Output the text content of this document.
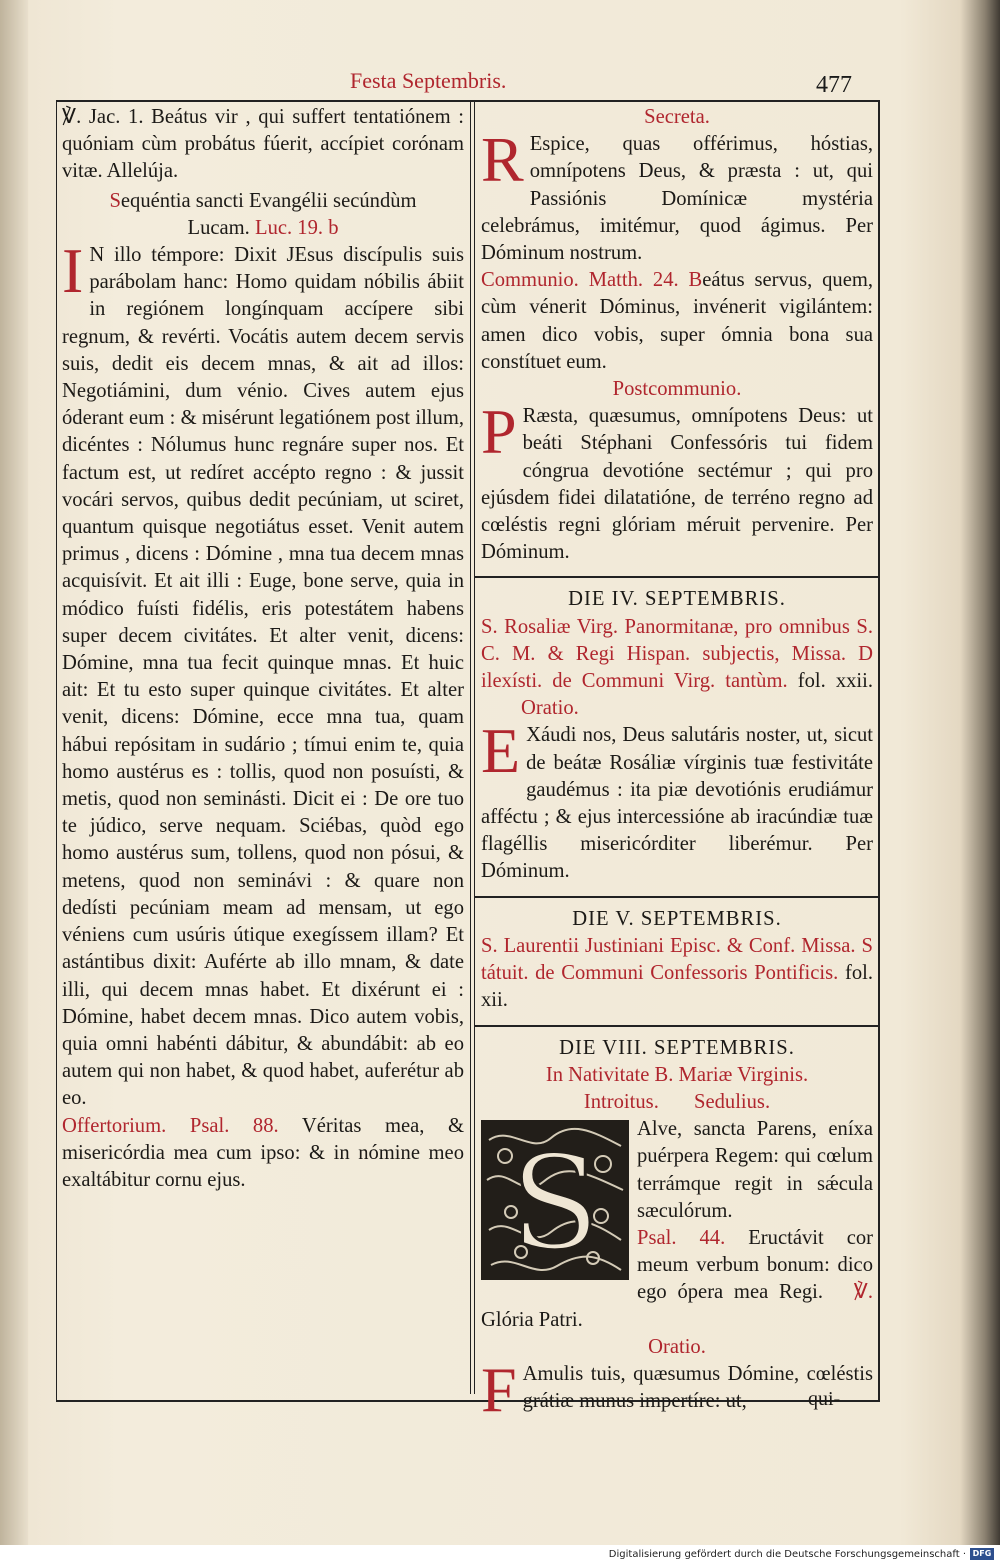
Festa Septembris.	477

℣. Jac. 1. Beátus vir , qui suffert tentatiónem : quóniam cùm probátus fúerit, accípiet corónam vitæ. Allelúja.

Sequéntia sancti Evangélii secúndùm
Lucam. Luc. 19. b

I N illo témpore: Dixit JEsus discípulis suis parábolam hanc: Homo quidam nóbilis ábiit in regiónem longínquam accípere sibi regnum, & revérti. Vocátis autem decem servis suis, dedit eis decem mnas, & ait ad illos: Negotiámini, dum vénio. Cives autem ejus óderant eum : & misérunt legatiónem post illum, dicéntes : Nólumus hunc regnáre super nos. Et factum est, ut redíret accépto regno : & jussit vocári servos, quibus dedit pecúniam, ut sciret, quantum quisque negotiátus esset. Venit autem primus , dicens : Dómine , mna tua decem mnas acquisívit. Et ait illi : Euge, bone serve, quia in módico fuísti fidélis, eris potestátem habens super decem civitátes. Et alter venit, dicens: Dómine, mna tua fecit quinque mnas. Et huic ait: Et tu esto super quinque civitátes. Et alter venit, dicens: Dómine, ecce mna tua, quam hábui repósitam in sudário ; tímui enim te, quia homo austérus es : tollis, quod non posuísti, & metis, quod non seminásti. Dicit ei : De ore tuo te júdico, serve nequam. Sciébas, quòd ego homo austérus sum, tollens, quod non pósui, & metens, quod non seminávi : & quare non dedísti pecúniam meam ad mensam, ut ego véniens cum usúris útique exegíssem illam? Et astántibus dixit: Auférte ab illo mnam, & date illi, qui decem mnas habet. Et dixérunt ei : Dómine, habet decem mnas. Dico autem vobis, quia omni habénti dábitur, & abundábit: ab eo autem qui non habet, & quod habet, auferétur ab eo.

Offertorium. Psal. 88. Véritas mea, & misericórdia mea cum ipso: & in nómine meo exaltábitur cornu ejus.

Secreta.

R Espice, quas offérimus, hóstias, omnípotens Deus, & præsta : ut, qui Passiónis Domínicæ mystéria celebrámus, imitémur, quod ágimus. Per Dóminum nostrum.

Communio. Matth. 24. Beátus servus, quem, cùm vénerit Dóminus, invénerit vigilántem: amen dico vobis, super ómnia bona sua constítuet eum.

Postcommunio.

P Ræsta, quæsumus, omnípotens Deus: ut beáti Stéphani Confessóris tui fidem cóngrua devotióne sectémur ; qui pro ejúsdem fidei dilatatióne, de terréno regno ad cœléstis regni glóriam méruit pervenire. Per Dóminum.

DIE IV. SEPTEMBRIS.

S. Rosaliæ Virg. Panormitanæ, pro omnibus S. C. M. & Regi Hispan. subjectis, Missa. D ilexísti. de Communi Virg. tantùm. fol. xxii. Oratio.

E Xáudi nos, Deus salutáris noster, ut, sicut de beátæ Rosáliæ vírginis tuæ festivitáte gaudémus : ita piæ devotiónis erudiámur afféctu ; & ejus intercessióne ab iracúndiæ tuæ flagéllis misericórditer liberémur. Per Dóminum.

DIE V. SEPTEMBRIS.

S. Laurentii Justiniani Episc. & Conf. Missa. S tátuit. de Communi Confessoris Pontificis. fol. xii.

DIE VIII. SEPTEMBRIS.

In Nativitate B. Mariæ Virginis.

Introitus. Sedulius.

S	Alve, sancta Parens, eníxa puérpera Regem: qui cœlum terrámque regit in sǽcula sæculórum.

Psal. 44. Eructávit cor meum verbum bonum: dico ego ópera mea Regi. ℣. Glória Patri.

Oratio.

F Amulis tuis, quæsumus Dómine, cœléstis grátiæ munus impertíre: ut,	qui-
Digitalisierung gefördert durch die Deutsche Forschungsgemeinschaft · DFG
